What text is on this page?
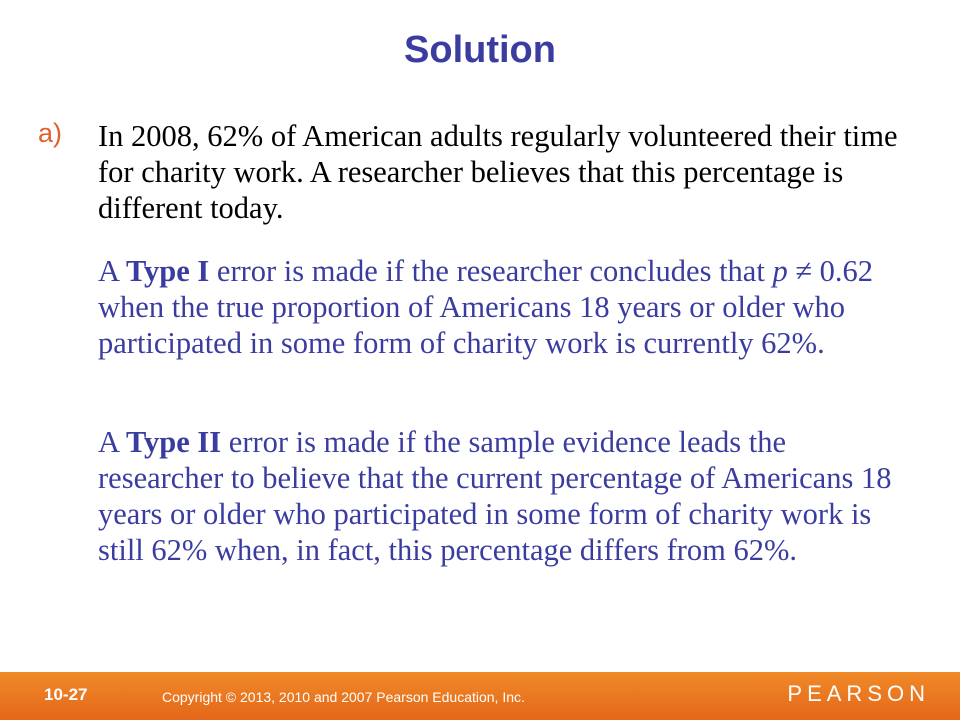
Solution
a) In 2008, 62% of American adults regularly volunteered their time for charity work. A researcher believes that this percentage is different today.
A Type I error is made if the researcher concludes that p ≠ 0.62 when the true proportion of Americans 18 years or older who participated in some form of charity work is currently 62%.
A Type II error is made if the sample evidence leads the researcher to believe that the current percentage of Americans 18 years or older who participated in some form of charity work is still 62% when, in fact, this percentage differs from 62%.
10-27	Copyright © 2013, 2010 and 2007 Pearson Education, Inc.	PEARSON
